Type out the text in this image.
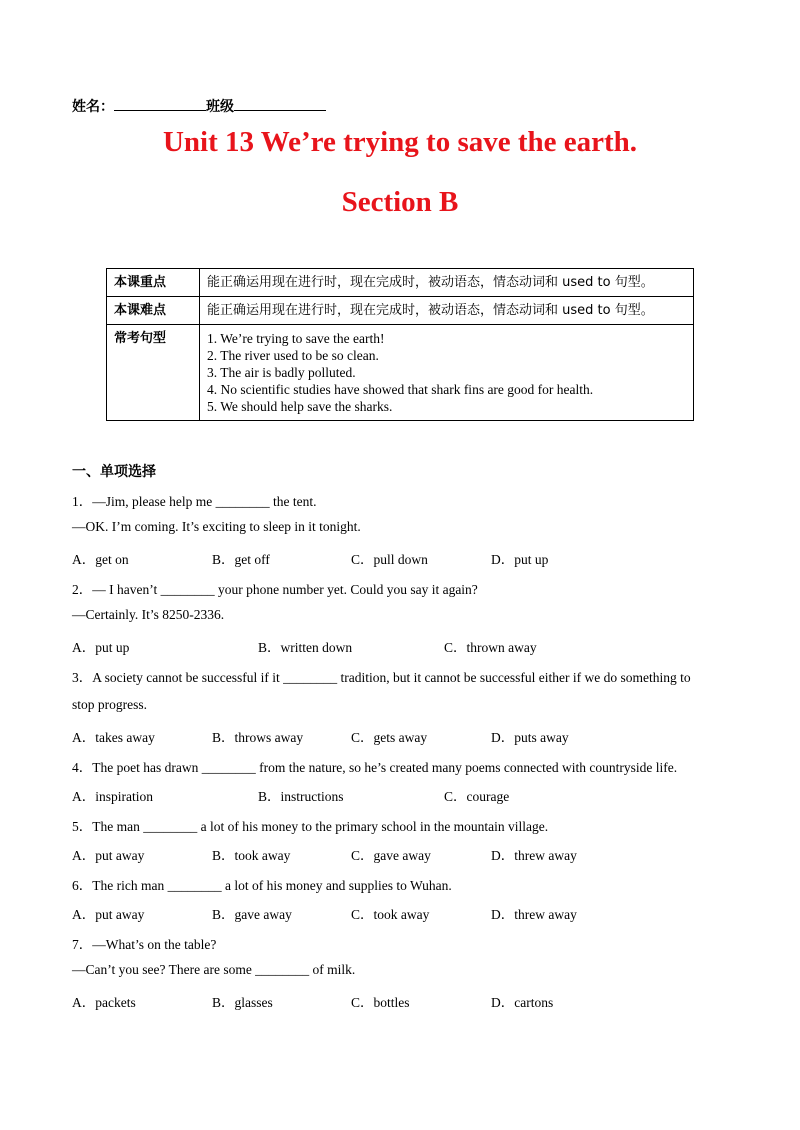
姓名：	班级
Unit 13 We’re trying to save the earth.
Section B
本课重点	能正确运用现在进行时，现在完成时，被动语态，情态动词和 used to 句型。
本课难点	能正确运用现在进行时，现在完成时，被动语态，情态动词和 used to 句型。
常考句型	1. We’re trying to save the earth!
2. The river used to be so clean.
3. The air is badly polluted.
4. No scientific studies have showed that shark fins are good for health.
5. We should help save the sharks.
一、单项选择
1．—Jim, please help me ________ the tent.
—OK. I’m coming. It’s exciting to sleep in it tonight.
A．get on	B．get off	C．pull down	D．put up
2．— I haven’t ________ your phone number yet. Could you say it again?
—Certainly. It’s 8250-2336.
A．put up	B．written down	C．thrown away
3．A society cannot be successful if it ________ tradition, but it cannot be successful either if we do something to
stop progress.
A．takes away	B．throws away	C．gets away	D．puts away
4．The poet has drawn ________ from the nature, so he’s created many poems connected with countryside life.
A．inspiration	B．instructions	C．courage
5．The man ________ a lot of his money to the primary school in the mountain village.
A．put away	B．took away	C．gave away	D．threw away
6．The rich man ________ a lot of his money and supplies to Wuhan.
A．put away	B．gave away	C．took away	D．threw away
7．—What’s on the table?
—Can’t you see? There are some ________ of milk.
A．packets	B．glasses	C．bottles	D．cartons
